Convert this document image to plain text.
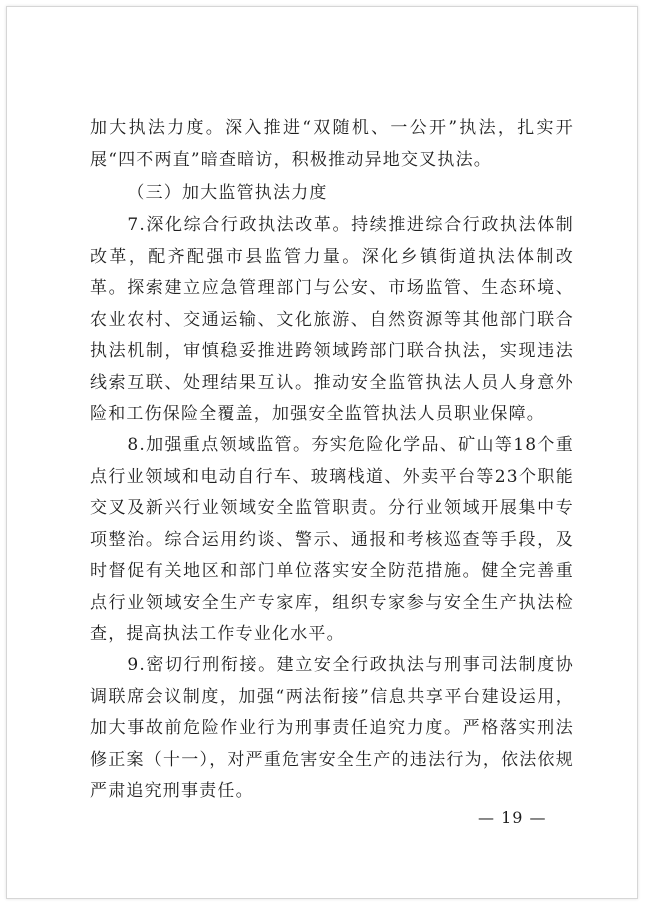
加大执法力度。深入推进“双随机、一公开”执法，扎实开展“四不两直”暗查暗访，积极推动异地交叉执法。

（三）加大监管执法力度

7.深化综合行政执法改革。持续推进综合行政执法体制改革，配齐配强市县监管力量。深化乡镇街道执法体制改革。探索建立应急管理部门与公安、市场监管、生态环境、农业农村、交通运输、文化旅游、自然资源等其他部门联合执法机制，审慎稳妥推进跨领域跨部门联合执法，实现违法线索互联、处理结果互认。推动安全监管执法人员人身意外险和工伤保险全覆盖，加强安全监管执法人员职业保障。

8.加强重点领域监管。夯实危险化学品、矿山等18个重点行业领域和电动自行车、玻璃栈道、外卖平台等23个职能交叉及新兴行业领域安全监管职责。分行业领域开展集中专项整治。综合运用约谈、警示、通报和考核巡查等手段，及时督促有关地区和部门单位落实安全防范措施。健全完善重点行业领域安全生产专家库，组织专家参与安全生产执法检查，提高执法工作专业化水平。

9.密切行刑衔接。建立安全行政执法与刑事司法制度协调联席会议制度，加强“两法衔接”信息共享平台建设运用，加大事故前危险作业行为刑事责任追究力度。严格落实刑法修正案（十一），对严重危害安全生产的违法行为，依法依规严肃追究刑事责任。

— 19 —
